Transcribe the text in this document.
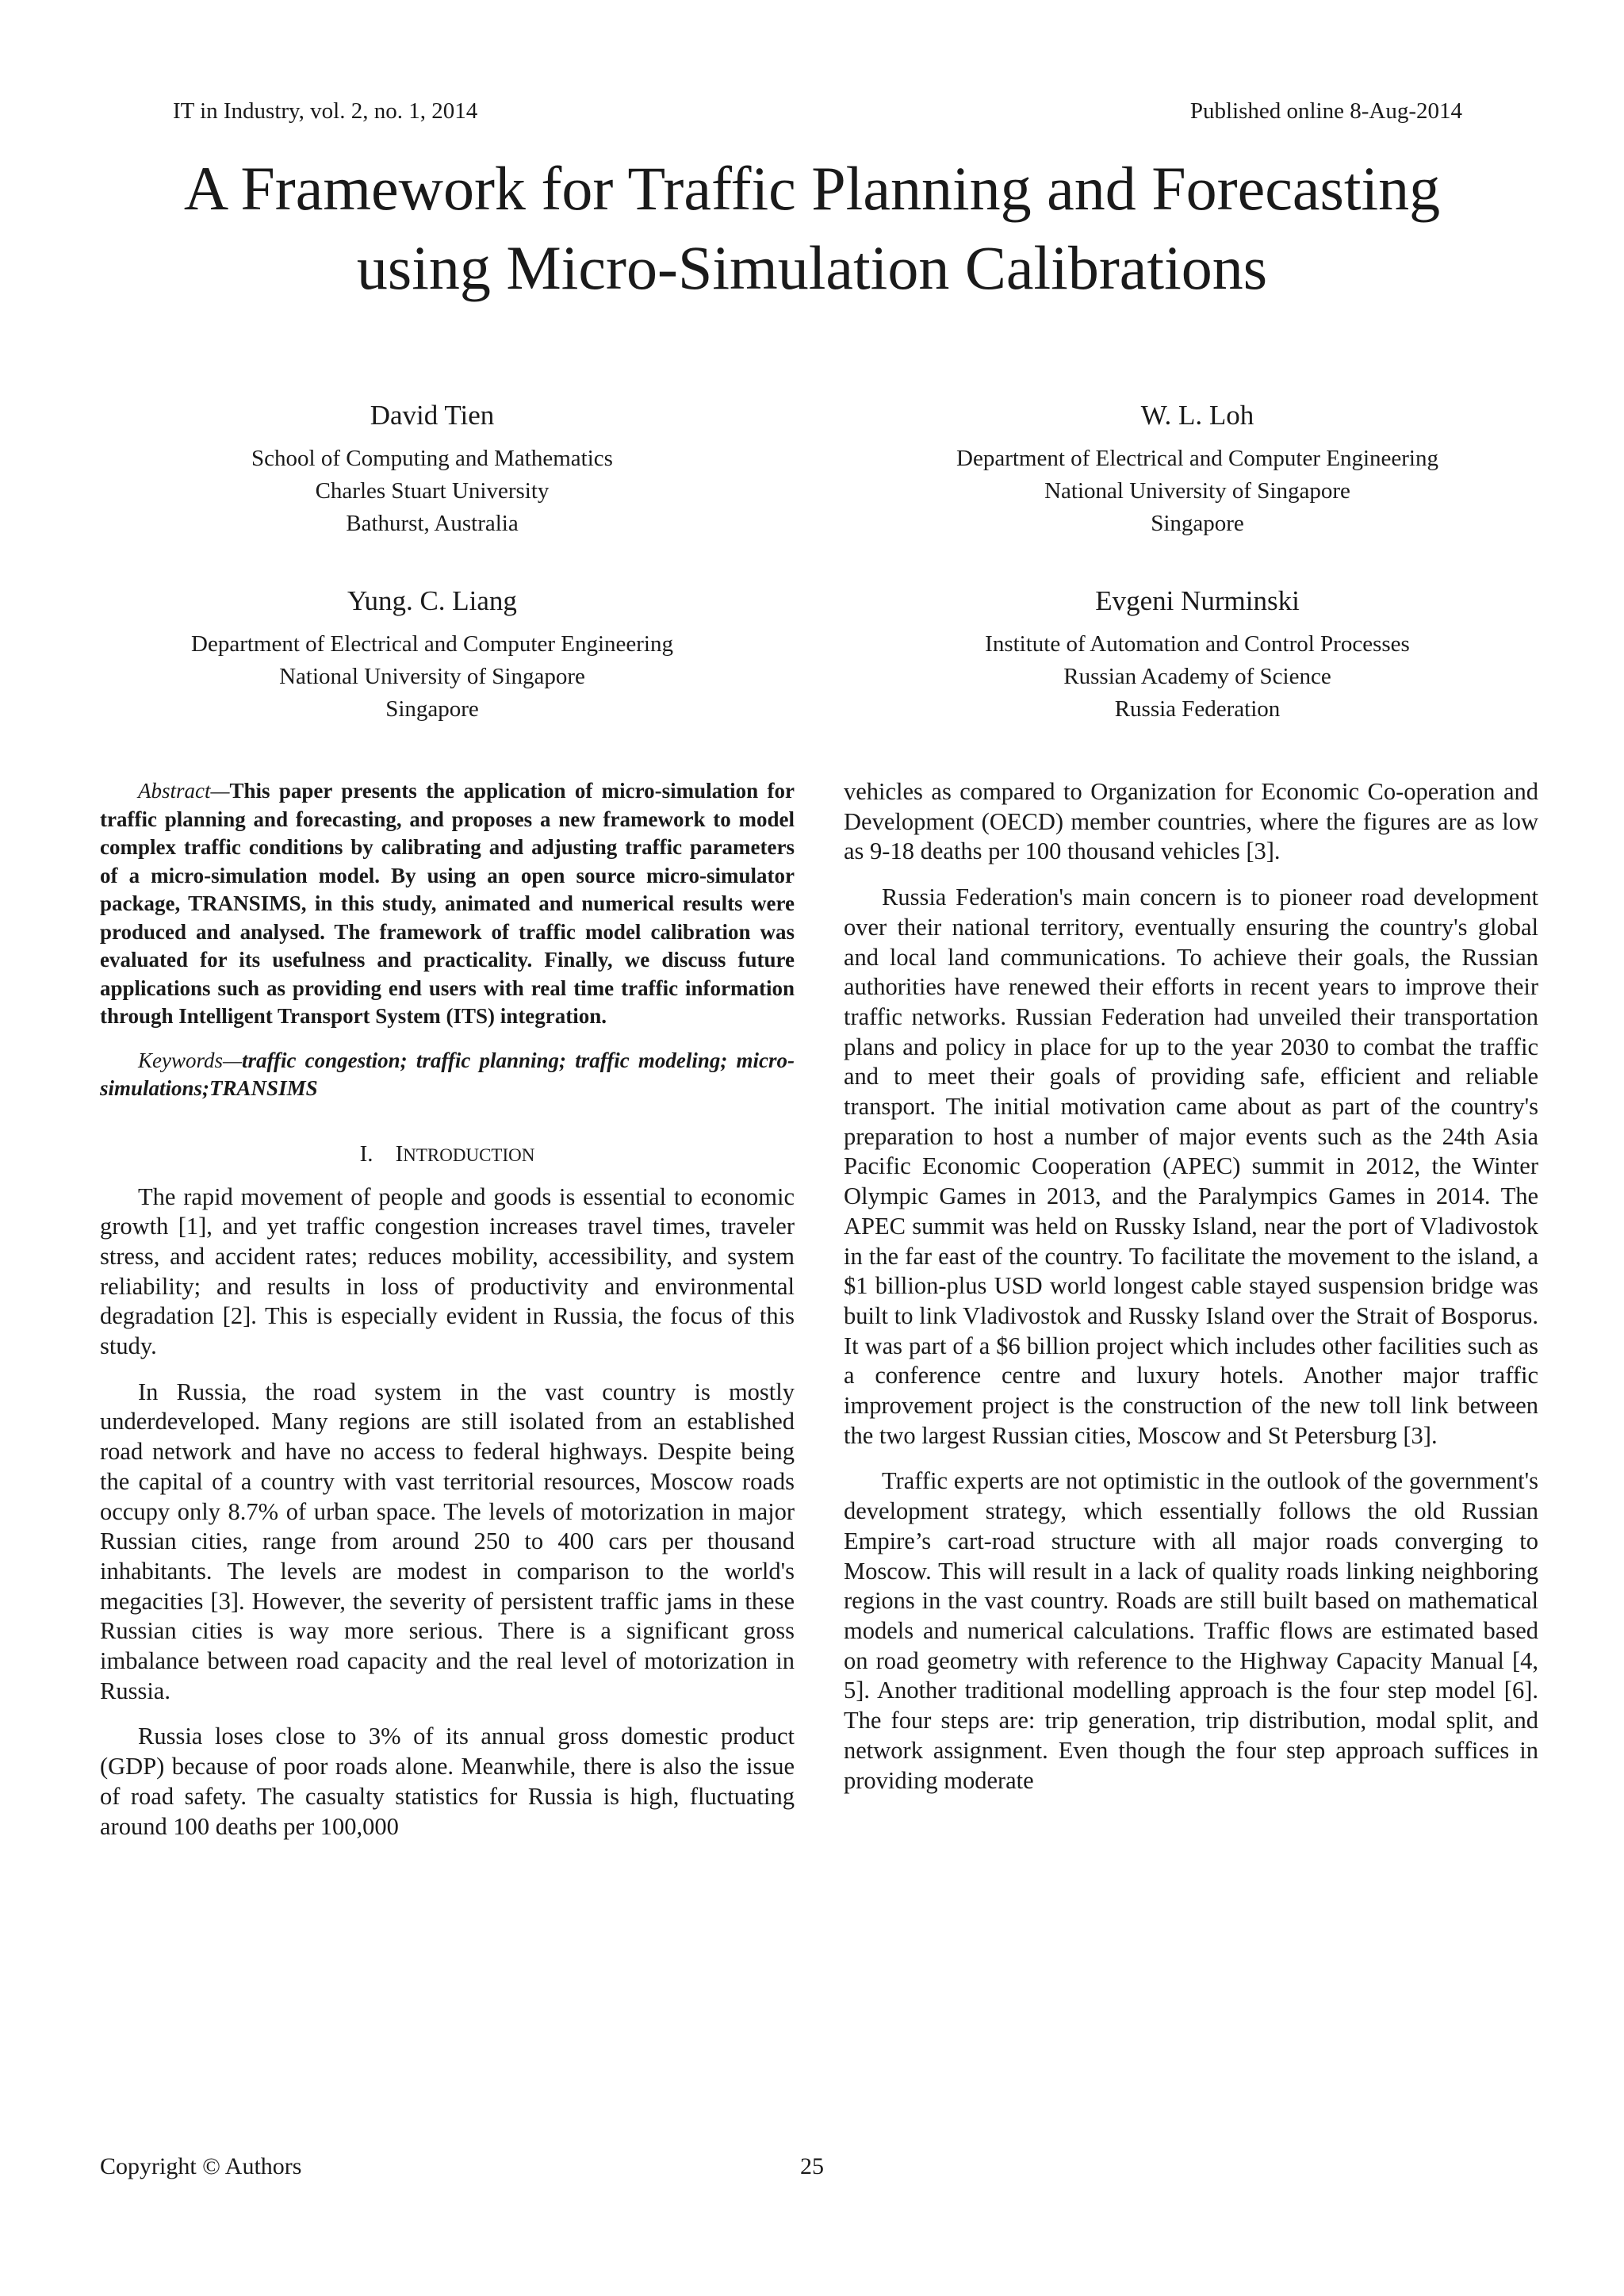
IT in Industry, vol. 2, no. 1, 2014	Published online 8-Aug-2014
A Framework for Traffic Planning and Forecasting
using Micro-Simulation Calibrations
David Tien
School of Computing and Mathematics
Charles Stuart University
Bathurst, Australia
W. L. Loh
Department of Electrical and Computer Engineering
National University of Singapore
Singapore
Yung. C. Liang
Department of Electrical and Computer Engineering
National University of Singapore
Singapore
Evgeni Nurminski
Institute of Automation and Control Processes
Russian Academy of Science
Russia Federation

Abstract—This paper presents the application of micro-simulation for traffic planning and forecasting, and proposes a new framework to model complex traffic conditions by calibrating and adjusting traffic parameters of a micro-simulation model. By using an open source micro-simulator package, TRANSIMS, in this study, animated and numerical results were produced and analysed. The framework of traffic model calibration was evaluated for its usefulness and practicality. Finally, we discuss future applications such as providing end users with real time traffic information through Intelligent Transport System (ITS) integration.

Keywords—traffic congestion; traffic planning; traffic modeling; micro-simulations;TRANSIMS

I. INTRODUCTION

The rapid movement of people and goods is essential to economic growth [1], and yet traffic congestion increases travel times, traveler stress, and accident rates; reduces mobility, accessibility, and system reliability; and results in loss of productivity and environmental degradation [2]. This is especially evident in Russia, the focus of this study.

In Russia, the road system in the vast country is mostly underdeveloped. Many regions are still isolated from an established road network and have no access to federal highways. Despite being the capital of a country with vast territorial resources, Moscow roads occupy only 8.7% of urban space. The levels of motorization in major Russian cities, range from around 250 to 400 cars per thousand inhabitants. The levels are modest in comparison to the world's megacities [3]. However, the severity of persistent traffic jams in these Russian cities is way more serious. There is a significant gross imbalance between road capacity and the real level of motorization in Russia.

Russia loses close to 3% of its annual gross domestic product (GDP) because of poor roads alone. Meanwhile, there is also the issue of road safety. The casualty statistics for Russia is high, fluctuating around 100 deaths per 100,000

vehicles as compared to Organization for Economic Co-operation and Development (OECD) member countries, where the figures are as low as 9-18 deaths per 100 thousand vehicles [3].

Russia Federation's main concern is to pioneer road development over their national territory, eventually ensuring the country's global and local land communications. To achieve their goals, the Russian authorities have renewed their efforts in recent years to improve their traffic networks. Russian Federation had unveiled their transportation plans and policy in place for up to the year 2030 to combat the traffic and to meet their goals of providing safe, efficient and reliable transport. The initial motivation came about as part of the country's preparation to host a number of major events such as the 24th Asia Pacific Economic Cooperation (APEC) summit in 2012, the Winter Olympic Games in 2013, and the Paralympics Games in 2014. The APEC summit was held on Russky Island, near the port of Vladivostok in the far east of the country. To facilitate the movement to the island, a $1 billion-plus USD world longest cable stayed suspension bridge was built to link Vladivostok and Russky Island over the Strait of Bosporus. It was part of a $6 billion project which includes other facilities such as a conference centre and luxury hotels. Another major traffic improvement project is the construction of the new toll link between the two largest Russian cities, Moscow and St Petersburg [3].

Traffic experts are not optimistic in the outlook of the government's development strategy, which essentially follows the old Russian Empire’s cart-road structure with all major roads converging to Moscow. This will result in a lack of quality roads linking neighboring regions in the vast country. Roads are still built based on mathematical models and numerical calculations. Traffic flows are estimated based on road geometry with reference to the Highway Capacity Manual [4, 5]. Another traditional modelling approach is the four step model [6]. The four steps are: trip generation, trip distribution, modal split, and network assignment. Even though the four step approach suffices in providing moderate

Copyright © Authors	25
